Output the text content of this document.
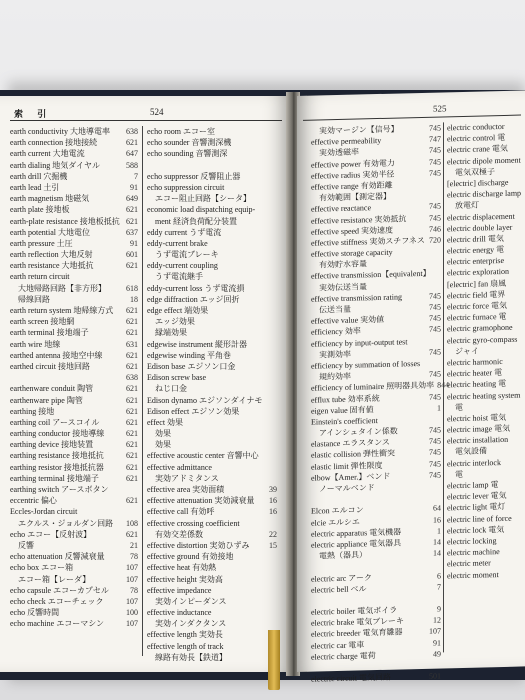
索 引	524
earth conductivity 大地導電率	638
earth connection 接地接続	621
earth current 大地電流	647
earth dialing 地気ダイヤル	588
earth drill 穴掘機	7
earth lead 土引	91
earth magnetism 地磁気	649
earth plate 接地板	621
earth-plate resistance 接地板抵抗 621
earth potential 大地電位	637
earth pressure 土圧	91
earth reflection 大地反射	601
earth resistance 大地抵抗	621
earth return circuit
　大地帰路回路【非方形】	618
　帰線回路	18
earth return system 地帰線方式	621
earth screen 接地網	621
earth terminal 接地端子	621
earth wire 地線	631
earthed antenna 接地空中線	621
earthed circuit 接地回路	621
638
earthenware conduit 陶管	621
earthenware pipe 陶管	621
earthing 接地	621
earthing coil アースコイル	621
earthing conductor 接地導線	621
earthing device 接地装置	621
earthing resistance 接地抵抗	621
earthing resistor 接地抵抗器	621
earthing terminal 接地端子	621
earthing switch アースボタン
eccentric 偏心	621
Eccles-Jordan circuit
　エクルス・ジョルダン回路	108
echo エコー【反射波】	621
　反響	21
echo attenuation 反響減衰量	78
echo box エコー箱	107
　エコー箱【レーダ】	107
echo capsule エコーカプセル	78
echo check エコーチェック	107
echo 反響時間	100
echo machine エコーマシン	107
echo room エコー室
echo sounder 音響測深機
echo sounding 音響測深
echo suppressor 反響阻止器
echo suppression circuit
　エコー阻止回路【シータ】
economic load dispatching equip-
　ment 経済負荷配分装置
eddy current うず電流
eddy-current brake
　うず電流ブレーキ
eddy-current coupling
　うず電流継手
eddy-current loss うず電流損
edge diffraction エッジ回折
edge effect 端効果
　エッジ効果
　縁端効果
edgewise instrument 縦形計器
edgewise winding 平角巻
Edison base エジソン口金
Edison screw base
　ねじ口金
Edison dynamo エジソンダイナモ
Edison effect エジソン効果
effect 効果
　効果
　効果
effective acoustic center 音響中心
effective admittance
　実効アドミタンス
effective area 実効面積	39
effective attenuation 実効減衰量	16
effective call 有効呼	16
effective crossing coefficient
　有効交差係数	22
effective distortion 実効ひずみ	15
effective ground 有効接地
effective heat 有効熱
effective height 実効高
effective impedance
　実効インピーダンス
effective inductance
　実効インダクタンス
effective length 実効長
effective length of track
　線路有効長【鉄道】
525
　実効マージン【信号】	745
effective permeability	747
　実効透磁率	745
effective power 有効電力	745
effective radius 実効半径	745
effective range 有効距離
　有効範囲【測定器】
effective reactance	745
effective resistance 実効抵抗	745
effective speed 実効速度	746
effective stiffness 実効スチフネス 720
effective storage capacity
　有効貯水容量
effective transmission【equivalent】
　実効伝送当量
effective transmission rating	745
　伝送当量	745
effective value 実効値	745
efficiency 効率	745
efficiency by input-output test
　実測効率	745
efficiency by summation of losses
　規約効率	745
efficiency of luminaire 照明器具効率 844
efflux tube 効率系統	745
eigen value 固有値	1
Einstein's coefficient
　アインシュタイン係数	745
elastance エラスタンス	745
elastic collision 弾性衝突	745
elastic limit 弾性限度	745
elbow【Amer.】ベンド	745
　ノーマルベンド
Elcon エルコン	64
elcie エルシエ	16
electric apparatus 電気機器	1
electric appliance 電気器具	14
　電熱（器具）	14
electric arc アーク	6
electric bell ベル	7
electric boiler 電気ボイラ	9
electric brake 電気ブレーキ	12
electric breeder 電気育雛器	107
electric car 電車	91
electric charge 電荷	49
electric circuit 電気回路	501
electric conductor
electric control 電
electric crane 電気
electric dipole moment
　電気双極子
[electric] discharge
electric discharge lamp
　放電灯
electric displacement
electric double layer
electric drill 電気
electric energy 電
electric enterprise
electric exploration
[electric] fan 扇風
electric field 電界
electric force 電気
electric furnace 電
electric gramophone
electric gyro-compass
　ジャイ
electric harmonic
electric heater 電
electric heating 電
electric heating system
　電
electric hoist 電気
electric image 電気
electric installation
　電気設備
electric interlock
　電
electric lamp 電
electric lever 電気
electric light 電灯
electric line of force
electric lock 電気
electric locking
electric machine
electric meter
electric moment
